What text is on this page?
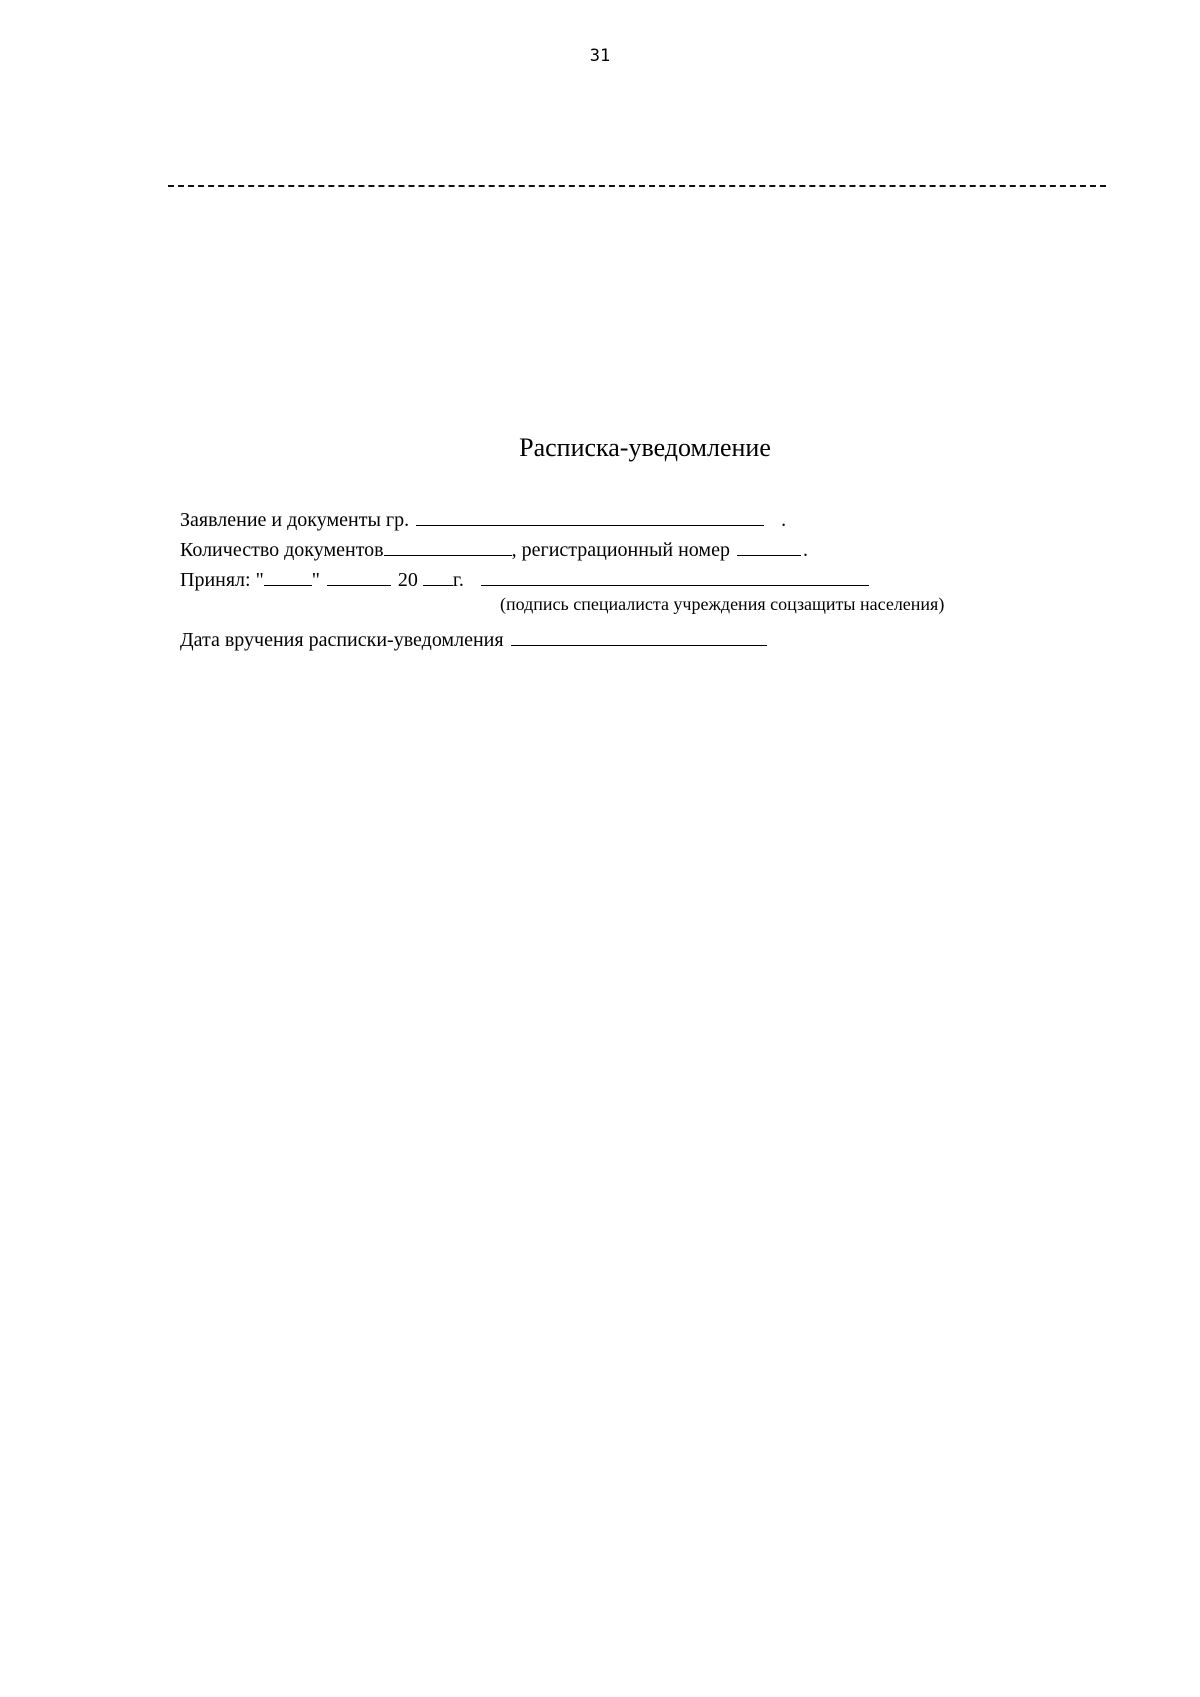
31
Расписка-уведомление
Заявление и документы гр.	.
Количество документов	, регистрационный номер	.
Принял: " "	20 г.
(подпись специалиста учреждения соцзащиты населения)
Дата вручения расписки-уведомления
